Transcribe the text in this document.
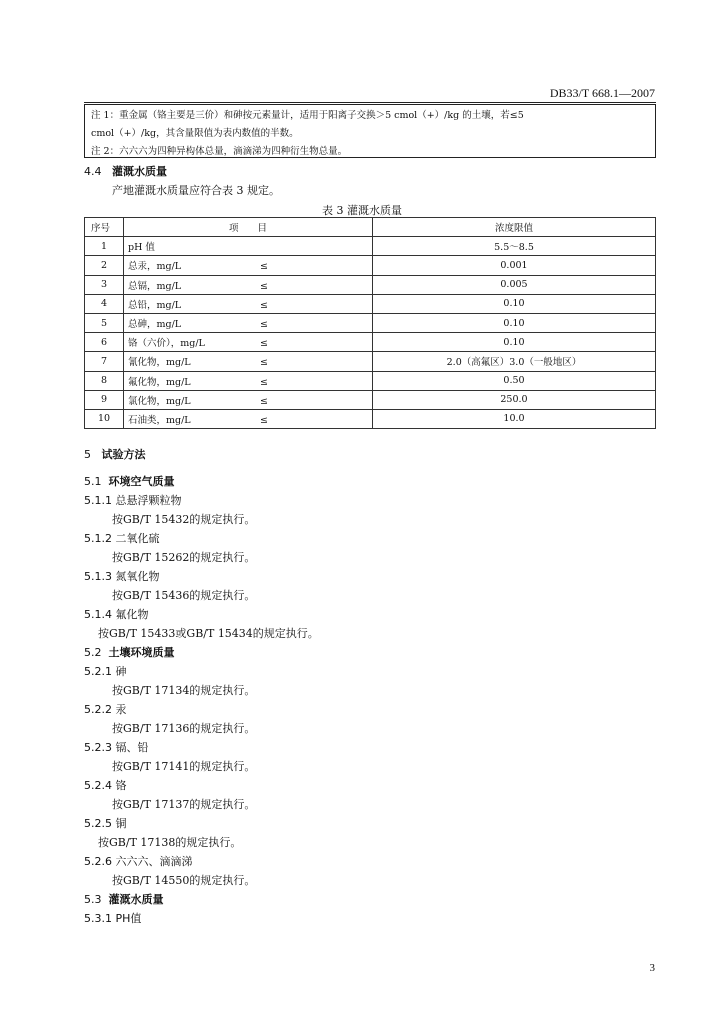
DB33/T 668.1—2007

注 1：重金属（铬主要是三价）和砷按元素量计，适用于阳离子交换＞5 cmol（+）/kg 的土壤，若≤5

cmol（+）/kg，其含量限值为表内数值的半数。

注 2：六六六为四种异构体总量，滴滴涕为四种衍生物总量。

4.4 灌溉水质量
产地灌溉水质量应符合表 3 规定。
表 3 灌溉水质量
序号	项　　目	浓度限值
1	pH 值	5.5～8.5
2	总汞，mg/L ≤	0.001
3	总镉，mg/L ≤	0.005
4	总铅，mg/L ≤	0.10
5	总砷，mg/L ≤	0.10
6	铬（六价），mg/L ≤	0.10
7	氰化物，mg/L ≤	2.0（高氟区）3.0（一般地区）
8	氟化物，mg/L ≤	0.50
9	氯化物，mg/L ≤	250.0
10	石油类，mg/L ≤	10.0
5 试验方法
5.1 环境空气质量
5.1.1 总悬浮颗粒物
按GB/T 15432的规定执行。
5.1.2 二氧化硫
按GB/T 15262的规定执行。
5.1.3 氮氧化物
按GB/T 15436的规定执行。
5.1.4 氟化物
按GB/T 15433或GB/T 15434的规定执行。
5.2 土壤环境质量
5.2.1 砷
按GB/T 17134的规定执行。
5.2.2 汞
按GB/T 17136的规定执行。
5.2.3 镉、铅
按GB/T 17141的规定执行。
5.2.4 铬
按GB/T 17137的规定执行。
5.2.5 铜
按GB/T 17138的规定执行。
5.2.6 六六六、滴滴涕
按GB/T 14550的规定执行。
5.3 灌溉水质量
5.3.1 PH值
3
